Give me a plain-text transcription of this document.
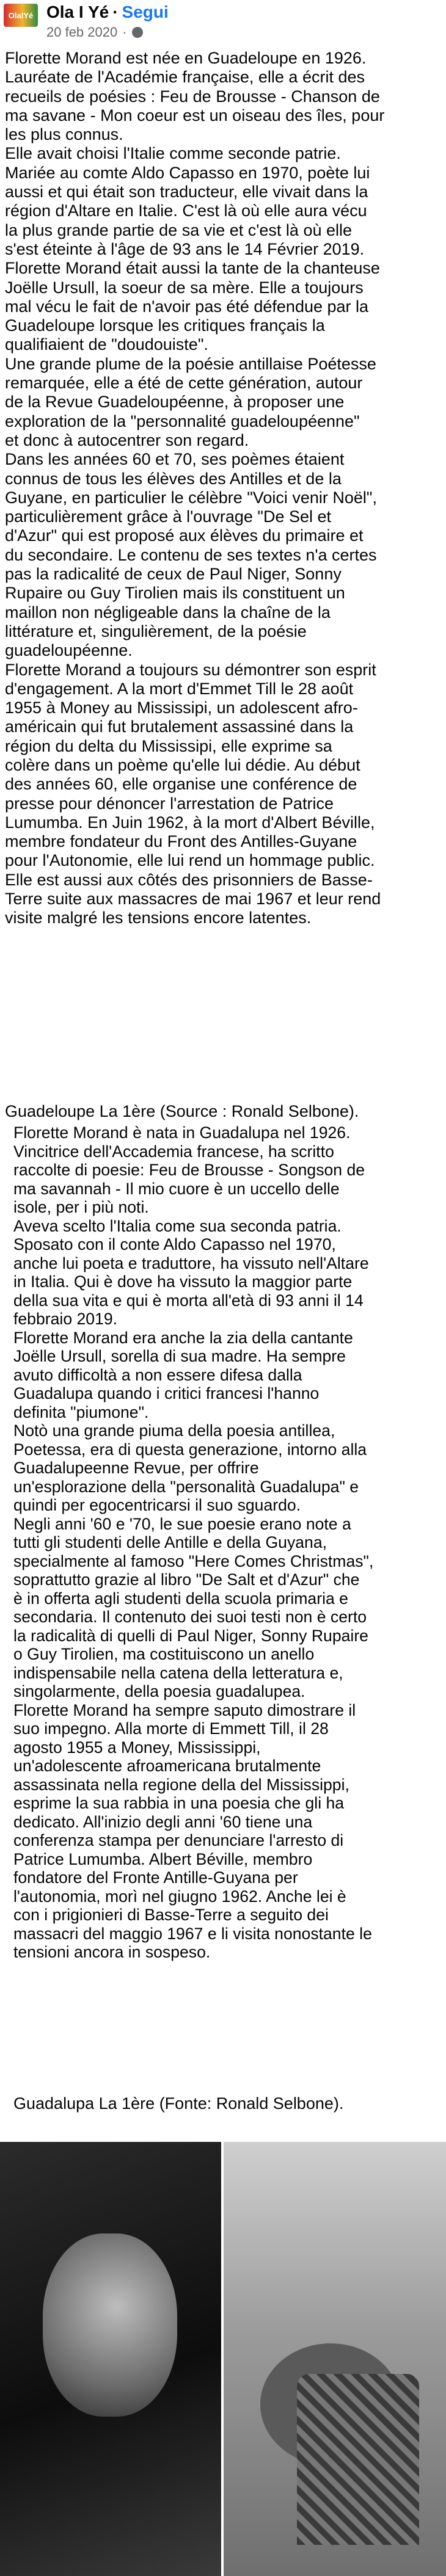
OlaIYé Ola I Yé · Segui
20 feb 2020 ·

Florette Morand est née en Guadeloupe en 1926.
Lauréate de l'Académie française, elle a écrit des
recueils de poésies : Feu de Brousse - Chanson de
ma savane - Mon coeur est un oiseau des îles, pour
les plus connus.
Elle avait choisi l'Italie comme seconde patrie.
Mariée au comte Aldo Capasso en 1970, poète lui
aussi et qui était son traducteur, elle vivait dans la
région d'Altare en Italie. C'est là où elle aura vécu
la plus grande partie de sa vie et c'est là où elle
s'est éteinte à l'âge de 93 ans le 14 Février 2019.
Florette Morand était aussi la tante de la chanteuse
Joëlle Ursull, la soeur de sa mère. Elle a toujours
mal vécu le fait de n'avoir pas été défendue par la
Guadeloupe lorsque les critiques français la
qualifiaient de "doudouiste".
Une grande plume de la poésie antillaise Poétesse
remarquée, elle a été de cette génération, autour
de la Revue Guadeloupéenne, à proposer une
exploration de la "personnalité guadeloupéenne"
et donc à autocentrer son regard.
Dans les années 60 et 70, ses poèmes étaient
connus de tous les élèves des Antilles et de la
Guyane, en particulier le célèbre "Voici venir Noël",
particulièrement grâce à l'ouvrage "De Sel et
d'Azur" qui est proposé aux élèves du primaire et
du secondaire. Le contenu de ses textes n'a certes
pas la radicalité de ceux de Paul Niger, Sonny
Rupaire ou Guy Tirolien mais ils constituent un
maillon non négligeable dans la chaîne de la
littérature et, singulièrement, de la poésie
guadeloupéenne.
Florette Morand a toujours su démontrer son esprit
d'engagement. A la mort d'Emmet Till le 28 août
1955 à Money au Mississipi, un adolescent afro-
américain qui fut brutalement assassiné dans la
région du delta du Mississipi, elle exprime sa
colère dans un poème qu'elle lui dédie. Au début
des années 60, elle organise une conférence de
presse pour dénoncer l'arrestation de Patrice
Lumumba. En Juin 1962, à la mort d'Albert Béville,
membre fondateur du Front des Antilles-Guyane
pour l'Autonomie, elle lui rend un hommage public.
Elle est aussi aux côtés des prisonniers de Basse-
Terre suite aux massacres de mai 1967 et leur rend
visite malgré les tensions encore latentes.

Guadeloupe La 1ère (Source : Ronald Selbone).

Florette Morand è nata in Guadalupa nel 1926.
Vincitrice dell'Accademia francese, ha scritto
raccolte di poesie: Feu de Brousse - Songson de
ma savannah - Il mio cuore è un uccello delle
isole, per i più noti.
Aveva scelto l'Italia come sua seconda patria.
Sposato con il conte Aldo Capasso nel 1970,
anche lui poeta e traduttore, ha vissuto nell'Altare
in Italia. Qui è dove ha vissuto la maggior parte
della sua vita e qui è morta all'età di 93 anni il 14
febbraio 2019.
Florette Morand era anche la zia della cantante
Joëlle Ursull, sorella di sua madre. Ha sempre
avuto difficoltà a non essere difesa dalla
Guadalupa quando i critici francesi l'hanno
definita "piumone".
Notò una grande piuma della poesia antillea,
Poetessa, era di questa generazione, intorno alla
Guadalupeenne Revue, per offrire
un'esplorazione della "personalità Guadalupa" e
quindi per egocentricarsi il suo sguardo.
Negli anni '60 e '70, le sue poesie erano note a
tutti gli studenti delle Antille e della Guyana,
specialmente al famoso "Here Comes Christmas",
soprattutto grazie al libro "De Salt et d'Azur" che
è in offerta agli studenti della scuola primaria e
secondaria. Il contenuto dei suoi testi non è certo
la radicalità di quelli di Paul Niger, Sonny Rupaire
o Guy Tirolien, ma costituiscono un anello
indispensabile nella catena della letteratura e,
singolarmente, della poesia guadalupea.
Florette Morand ha sempre saputo dimostrare il
suo impegno. Alla morte di Emmett Till, il 28
agosto 1955 a Money, Mississippi,
un'adolescente afroamericana brutalmente
assassinata nella regione della del Mississippi,
esprime la sua rabbia in una poesia che gli ha
dedicato. All'inizio degli anni '60 tiene una
conferenza stampa per denunciare l'arresto di
Patrice Lumumba. Albert Béville, membro
fondatore del Fronte Antille-Guyana per
l'autonomia, morì nel giugno 1962. Anche lei è
con i prigionieri di Basse-Terre a seguito dei
massacri del maggio 1967 e li visita nonostante le
tensioni ancora in sospeso.

Guadalupa La 1ère (Fonte: Ronald Selbone).
